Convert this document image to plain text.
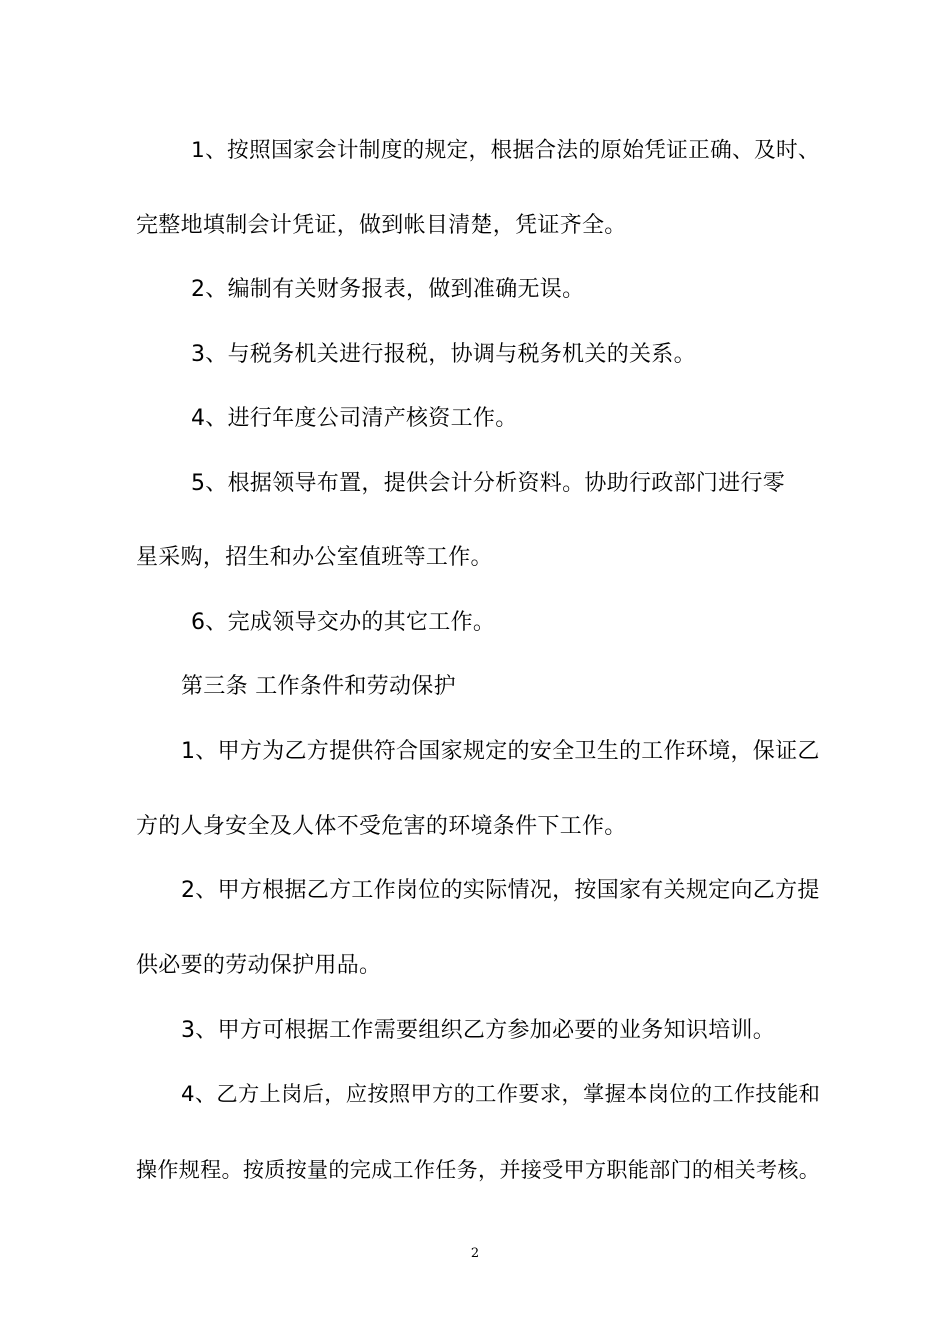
1、按照国家会计制度的规定，根据合法的原始凭证正确、及时、
完整地填制会计凭证，做到帐目清楚，凭证齐全。
2、编制有关财务报表，做到准确无误。
3、与税务机关进行报税，协调与税务机关的关系。
4、进行年度公司清产核资工作。
5、根据领导布置，提供会计分析资料。协助行政部门进行零
星采购，招生和办公室值班等工作。
6、完成领导交办的其它工作。
第三条 工作条件和劳动保护
1、甲方为乙方提供符合国家规定的安全卫生的工作环境，保证乙
方的人身安全及人体不受危害的环境条件下工作。
2、甲方根据乙方工作岗位的实际情况，按国家有关规定向乙方提
供必要的劳动保护用品。
3、甲方可根据工作需要组织乙方参加必要的业务知识培训。
4、乙方上岗后，应按照甲方的工作要求，掌握本岗位的工作技能和
操作规程。按质按量的完成工作任务，并接受甲方职能部门的相关考核。
2
